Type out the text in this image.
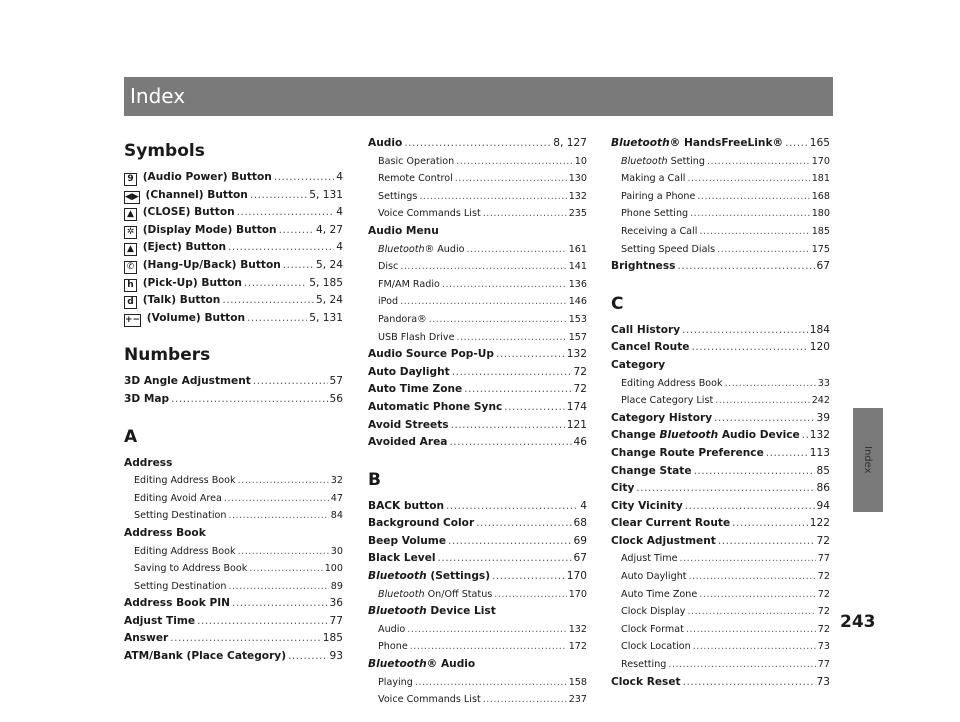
Index
Symbols
9 (Audio Power) Button .....	4
◀▶ (Channel) Button .....	5, 131
▲ (CLOSE) Button .....	4
✲ (Display Mode) Button .....	4, 27
▲ (Eject) Button .....	4
✆ (Hang-Up/Back) Button .....	5, 24
h (Pick-Up) Button .....	5, 185
d (Talk) Button .....	5, 24
+− (Volume) Button .....	5, 131
Numbers
3D Angle Adjustment .....	57
3D Map .....	56
A
Address
Editing Address Book .....	32
Editing Avoid Area .....	47
Setting Destination .....	84
Address Book
Editing Address Book .....	30
Saving to Address Book .....	100
Setting Destination .....	89
Address Book PIN .....	36
Adjust Time .....	77
Answer .....	185
ATM/Bank (Place Category) .....	93
Audio .....	8, 127
Basic Operation .....	10
Remote Control .....	130
Settings .....	132
Voice Commands List .....	235
Audio Menu
Bluetooth® Audio .....	161
Disc .....	141
FM/AM Radio .....	136
iPod .....	146
Pandora® .....	153
USB Flash Drive .....	157
Audio Source Pop-Up .....	132
Auto Daylight .....	72
Auto Time Zone .....	72
Automatic Phone Sync .....	174
Avoid Streets .....	121
Avoided Area .....	46
B
BACK button .....	4
Background Color .....	68
Beep Volume .....	69
Black Level .....	67
Bluetooth (Settings) .....	170
Bluetooth On/Off Status .....	170
Bluetooth Device List
Audio .....	132
Phone .....	172
Bluetooth® Audio
Playing .....	158
Voice Commands List .....	237
Bluetooth® HandsFreeLink® .....	165
Bluetooth Setting .....	170
Making a Call .....	181
Pairing a Phone .....	168
Phone Setting .....	180
Receiving a Call .....	185
Setting Speed Dials .....	175
Brightness .....	67
C
Call History .....	184
Cancel Route .....	120
Category
Editing Address Book .....	33
Place Category List .....	242
Category History .....	39
Change Bluetooth Audio Device ..... 132
Change Route Preference .....	113
Change State .....	85
City .....	86
City Vicinity .....	94
Clear Current Route .....	122
Clock Adjustment .....	72
Adjust Time .....	77
Auto Daylight .....	72
Auto Time Zone .....	72
Clock Display .....	72
Clock Format .....	72
Clock Location .....	73
Resetting .....	77
Clock Reset .....	73
Index
243
